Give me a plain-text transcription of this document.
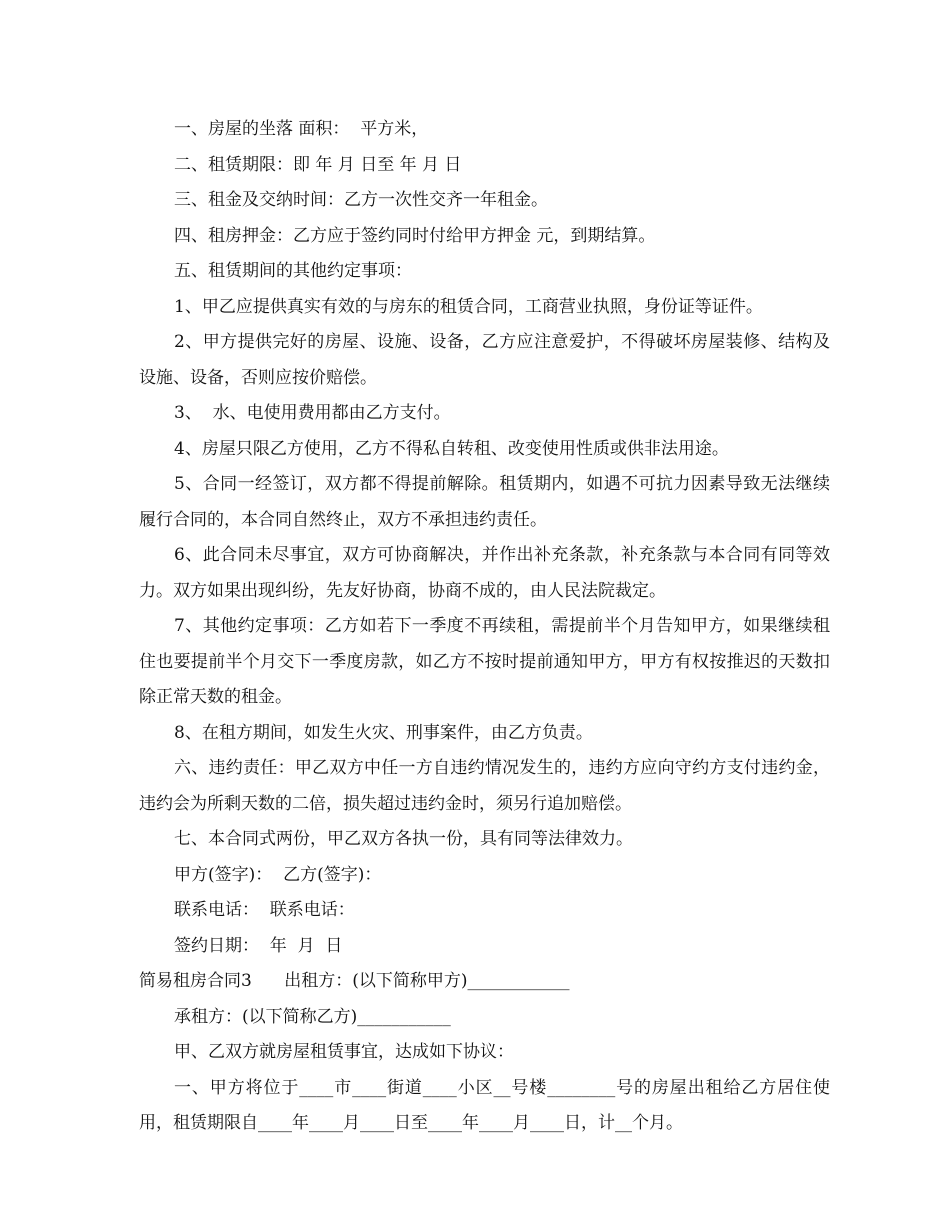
一、房屋的坐落 面积：  平方米，

二、租赁期限：即 年 月 日至 年 月 日

三、租金及交纳时间：乙方一次性交齐一年租金。

四、租房押金：乙方应于签约同时付给甲方押金 元，到期结算。

五、租赁期间的其他约定事项：

1、甲乙应提供真实有效的与房东的租赁合同，工商营业执照，身份证等证件。

2、甲方提供完好的房屋、设施、设备，乙方应注意爱护，不得破坏房屋装修、结构及设施、设备，否则应按价赔偿。

3、  水、电使用费用都由乙方支付。

4、房屋只限乙方使用，乙方不得私自转租、改变使用性质或供非法用途。

5、合同一经签订，双方都不得提前解除。租赁期内，如遇不可抗力因素导致无法继续履行合同的，本合同自然终止，双方不承担违约责任。

6、此合同未尽事宜，双方可协商解决，并作出补充条款，补充条款与本合同有同等效力。双方如果出现纠纷，先友好协商，协商不成的，由人民法院裁定。

7、其他约定事项：乙方如若下一季度不再续租，需提前半个月告知甲方，如果继续租住也要提前半个月交下一季度房款，如乙方不按时提前通知甲方，甲方有权按推迟的天数扣除正常天数的租金。

8、在租方期间，如发生火灾、刑事案件，由乙方负责。

六、违约责任：甲乙双方中任一方自违约情况发生的，违约方应向守约方支付违约金，违约会为所剩天数的二倍，损失超过违约金时，须另行追加赔偿。

七、本合同式两份，甲乙双方各执一份，具有同等法律效力。

甲方(签字)：  乙方(签字)：

联系电话：  联系电话：

签约日期：  年  月  日

简易租房合同3      出租方：(以下简称甲方)____________

承租方：(以下简称乙方)___________

甲、乙双方就房屋租赁事宜，达成如下协议：

一、甲方将位于____市____街道____小区__号楼________号的房屋出租给乙方居住使用，租赁期限自____年____月____日至____年____月____日，计__个月。
